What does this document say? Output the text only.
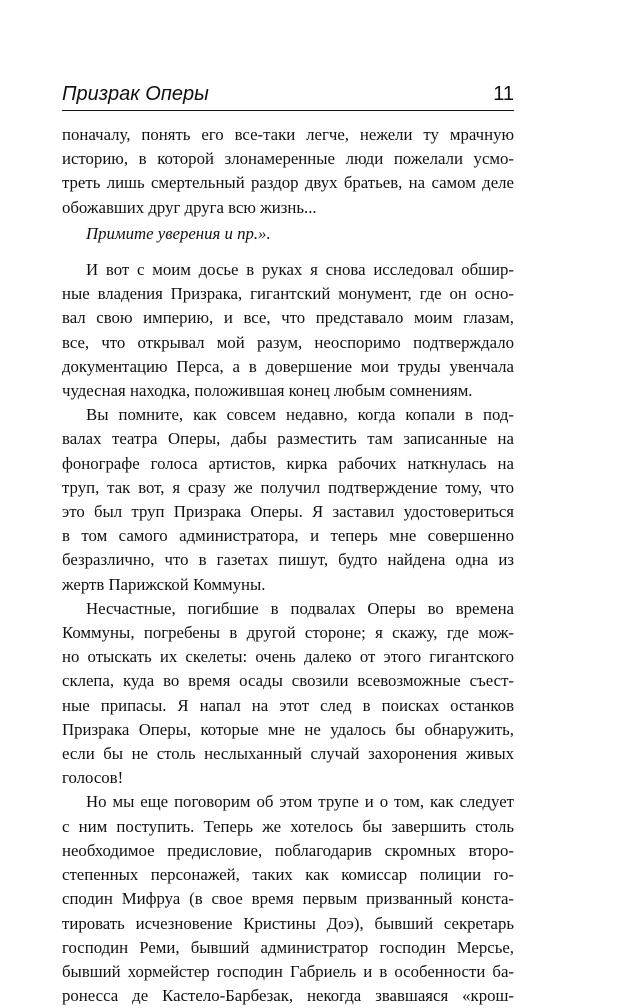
Призрак Оперы	11

поначалу, понять его все-таки легче, нежели ту мрачную
историю, в которой злонамеренные люди пожелали усмо-
треть лишь смертельный раздор двух братьев, на самом деле
обожавших друг друга всю жизнь...

Примите уверения и пр.».

И вот с моим досье в руках я снова исследовал обшир-
ные владения Призрака, гигантский монумент, где он осно-
вал свою империю, и все, что представало моим глазам,
все, что открывал мой разум, неоспоримо подтверждало
документацию Перса, а в довершение мои труды увенчала
чудесная находка, положившая конец любым сомнениям.

Вы помните, как совсем недавно, когда копали в под-
валах театра Оперы, дабы разместить там записанные на
фонографе голоса артистов, кирка рабочих наткнулась на
труп, так вот, я сразу же получил подтверждение тому, что
это был труп Призрака Оперы. Я заставил удостовериться
в том самого администратора, и теперь мне совершенно
безразлично, что в газетах пишут, будто найдена одна из
жертв Парижской Коммуны.

Несчастные, погибшие в подвалах Оперы во времена
Коммуны, погребены в другой стороне; я скажу, где мож-
но отыскать их скелеты: очень далеко от этого гигантского
склепа, куда во время осады свозили всевозможные съест-
ные припасы. Я напал на этот след в поисках останков
Призрака Оперы, которые мне не удалось бы обнаружить,
если бы не столь неслыханный случай захоронения живых
голосов!

Но мы еще поговорим об этом трупе и о том, как следует
с ним поступить. Теперь же хотелось бы завершить столь
необходимое предисловие, поблагодарив скромных второ-
степенных персонажей, таких как комиссар полиции го-
сподин Мифруа (в свое время первым призванный конста-
тировать исчезновение Кристины Доэ), бывший секретарь
господин Реми, бывший администратор господин Мерсье,
бывший хормейстер господин Габриель и в особенности ба-
ронесса де Кастело-Барбезак, некогда звавшаяся «крош-
